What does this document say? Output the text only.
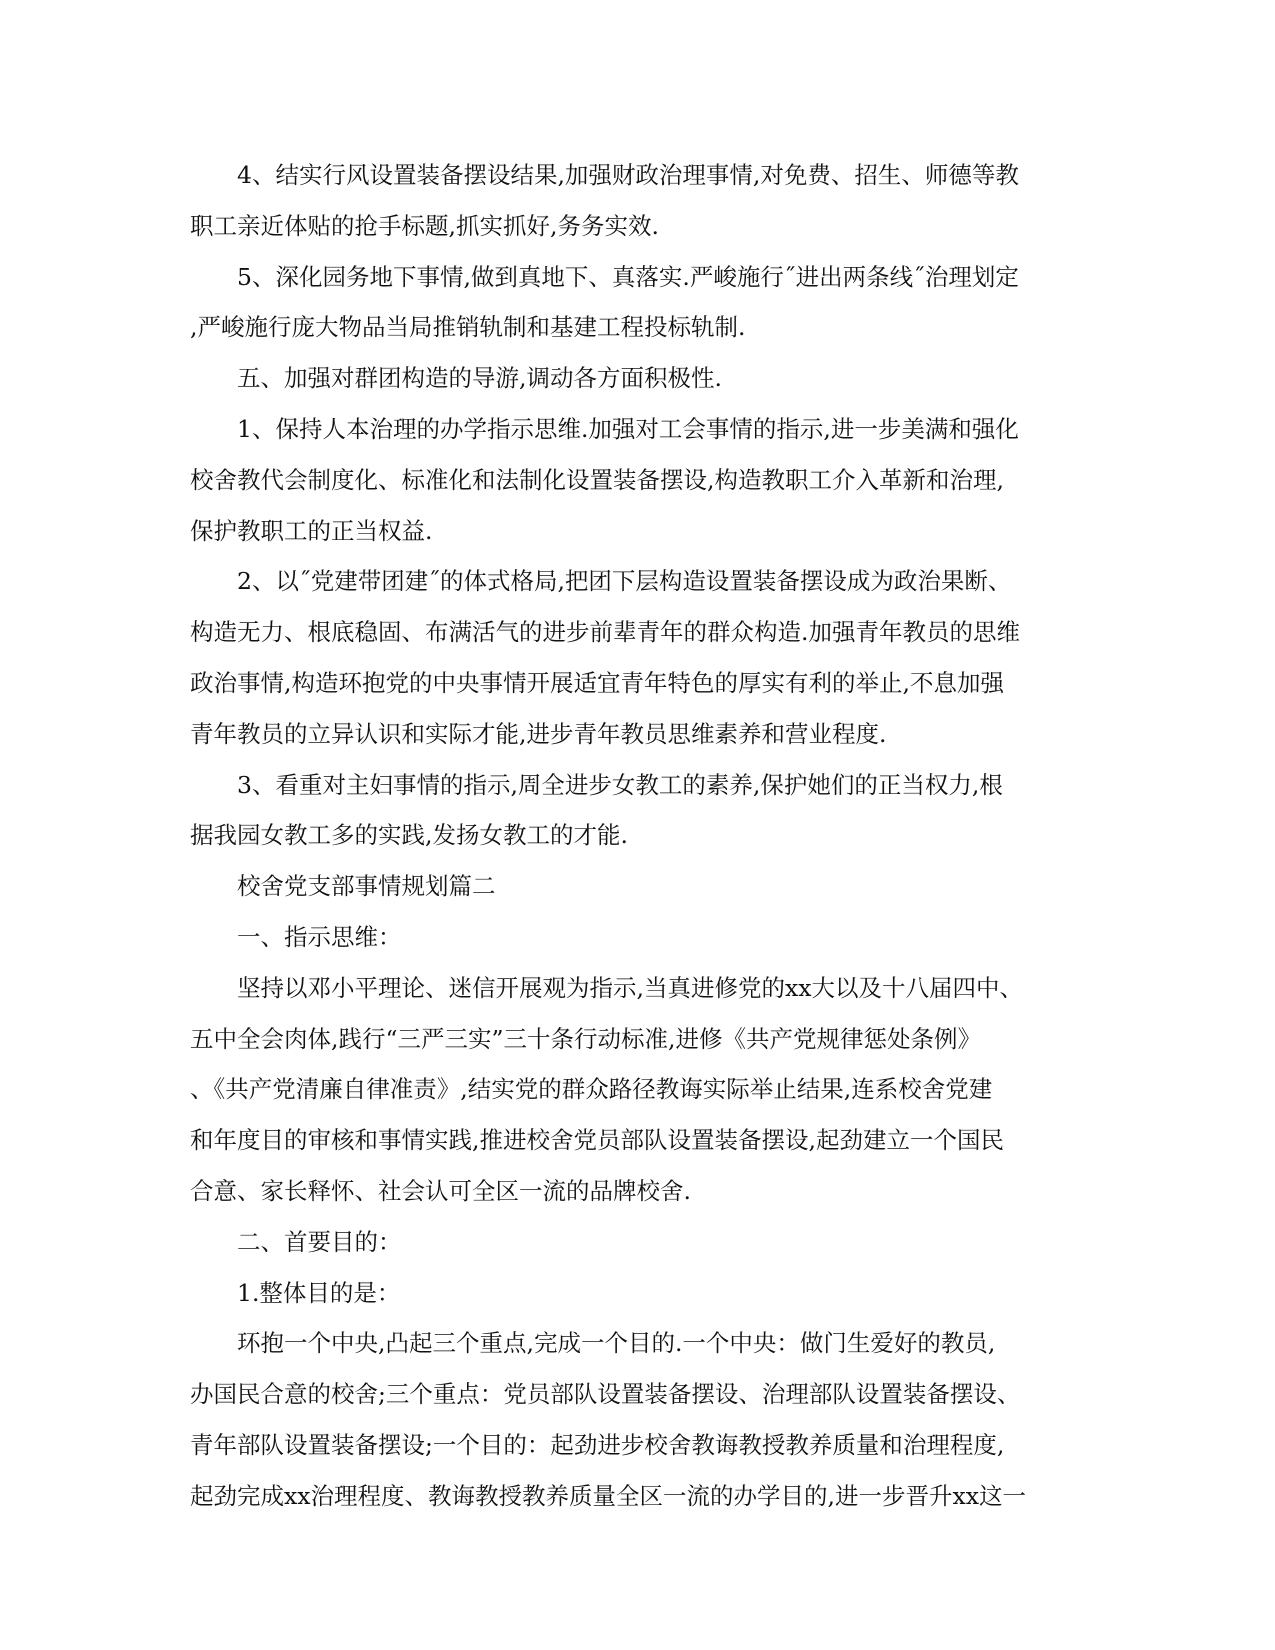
4、结实行风设置装备摆设结果,加强财政治理事情,对免费、招生、师德等教
职工亲近体贴的抢手标题,抓实抓好,务务实效.
5、深化园务地下事情,做到真地下、真落实.严峻施行˝进出两条线˝治理划定
,严峻施行庞大物品当局推销轨制和基建工程投标轨制.
五、加强对群团构造的导游,调动各方面积极性.
1、保持人本治理的办学指示思维.加强对工会事情的指示,进一步美满和强化
校舍教代会制度化、标准化和法制化设置装备摆设,构造教职工介入革新和治理,
保护教职工的正当权益.
2、以˝党建带团建˝的体式格局,把团下层构造设置装备摆设成为政治果断、
构造无力、根底稳固、布满活气的进步前辈青年的群众构造.加强青年教员的思维
政治事情,构造环抱党的中央事情开展适宜青年特色的厚实有利的举止,不息加强
青年教员的立异认识和实际才能,进步青年教员思维素养和营业程度.
3、看重对主妇事情的指示,周全进步女教工的素养,保护她们的正当权力,根
据我园女教工多的实践,发扬女教工的才能.
校舍党支部事情规划篇二
一、指示思维：
坚持以邓小平理论、迷信开展观为指示,当真进修党的xx大以及十八届四中、
五中全会肉体,践行“三严三实”三十条行动标准,进修《共产党规律惩处条例》
、《共产党清廉自律准责》,结实党的群众路径教诲实际举止结果,连系校舍党建
和年度目的审核和事情实践,推进校舍党员部队设置装备摆设,起劲建立一个国民
合意、家长释怀、社会认可全区一流的品牌校舍.
二、首要目的：
1.整体目的是：
环抱一个中央,凸起三个重点,完成一个目的.一个中央：做门生爱好的教员,
办国民合意的校舍;三个重点：党员部队设置装备摆设、治理部队设置装备摆设、
青年部队设置装备摆设;一个目的：起劲进步校舍教诲教授教养质量和治理程度,
起劲完成xx治理程度、教诲教授教养质量全区一流的办学目的,进一步晋升xx这一
